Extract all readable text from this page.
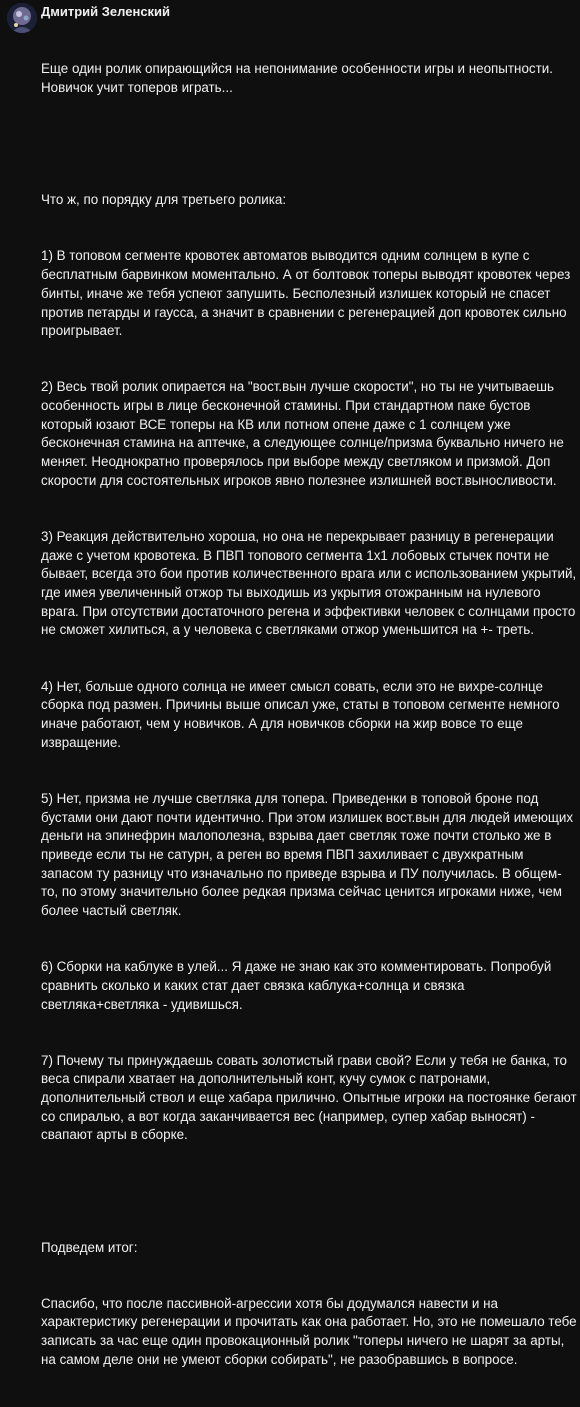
Дмитрий Зеленский

Еще один ролик опирающийся на непонимание особенности игры и неопытности. Новичок учит топеров играть...

Что ж, по порядку для третьего ролика:

1) В топовом сегменте кровотек автоматов выводится одним солнцем в купе с бесплатным барвинком моментально. А от болтовок топеры выводят кровотек через бинты, иначе же тебя успеют запушить. Бесполезный излишек который не спасет против петарды и гаусса, а значит в сравнении с регенерацией доп кровотек сильно проигрывает.

2) Весь твой ролик опирается на "вост.вын лучше скорости", но ты не учитываешь особенность игры в лице бесконечной стамины. При стандартном паке бустов который юзают ВСЕ топеры на КВ или потном опене даже с 1 солнцем уже бесконечная стамина на аптечке, а следующее солнце/призма буквально ничего не меняет. Неоднократно проверялось при выборе между светляком и призмой. Доп скорости для состоятельных игроков явно полезнее излишней вост.выносливости.

3) Реакция действительно хороша, но она не перекрывает разницу в регенерации даже с учетом кровотека. В ПВП топового сегмента 1х1 лобовых стычек почти не бывает, всегда это бои против количественного врага или с использованием укрытий, где имея увеличенный отжор ты выходишь из укрытия отожранным на нулевого врага. При отсутствии достаточного регена и эффективки человек с солнцами просто не сможет хилиться, а у человека с светляками отжор уменьшится на +- треть.

4) Нет, больше одного солнца не имеет смысл совать, если это не вихре-солнце сборка под размен. Причины выше описал уже, статы в топовом сегменте немного иначе работают, чем у новичков. А для новичков сборки на жир вовсе то еще извращение.

5) Нет, призма не лучше светляка для топера. Приведенки в топовой броне под бустами они дают почти идентично. При этом излишек вост.вын для людей имеющих деньги на эпинефрин малополезна, взрыва дает светляк тоже почти столько же в приведе если ты не сатурн, а реген во время ПВП захиливает с двухкратным запасом ту разницу что изначально по приведе взрыва и ПУ получилась. В общем-то, по этому значительно более редкая призма сейчас ценится игроками ниже, чем более частый светляк.

6) Сборки на каблуке в улей... Я даже не знаю как это комментировать. Попробуй сравнить сколько и каких стат дает связка каблука+солнца и связка светляка+светляка - удивишься.

7) Почему ты принуждаешь совать золотистый грави свой? Если у тебя не банка, то веса спирали хватает на дополнительный конт, кучу сумок с патронами, дополнительный ствол и еще хабара прилично. Опытные игроки на постоянке бегают со спиралью, а вот когда заканчивается вес (например, супер хабар выносят) - свапают арты в сборке.

Подведем итог:

Спасибо, что после пассивной-агрессии хотя бы додумался навести и на характеристику регенерации и прочитать как она работает. Но, это не помешало тебе записать за час еще один провокационный ролик "топеры ничего не шарят за арты, на самом деле они не умеют сборки собирать", не разобравшись в вопросе.
